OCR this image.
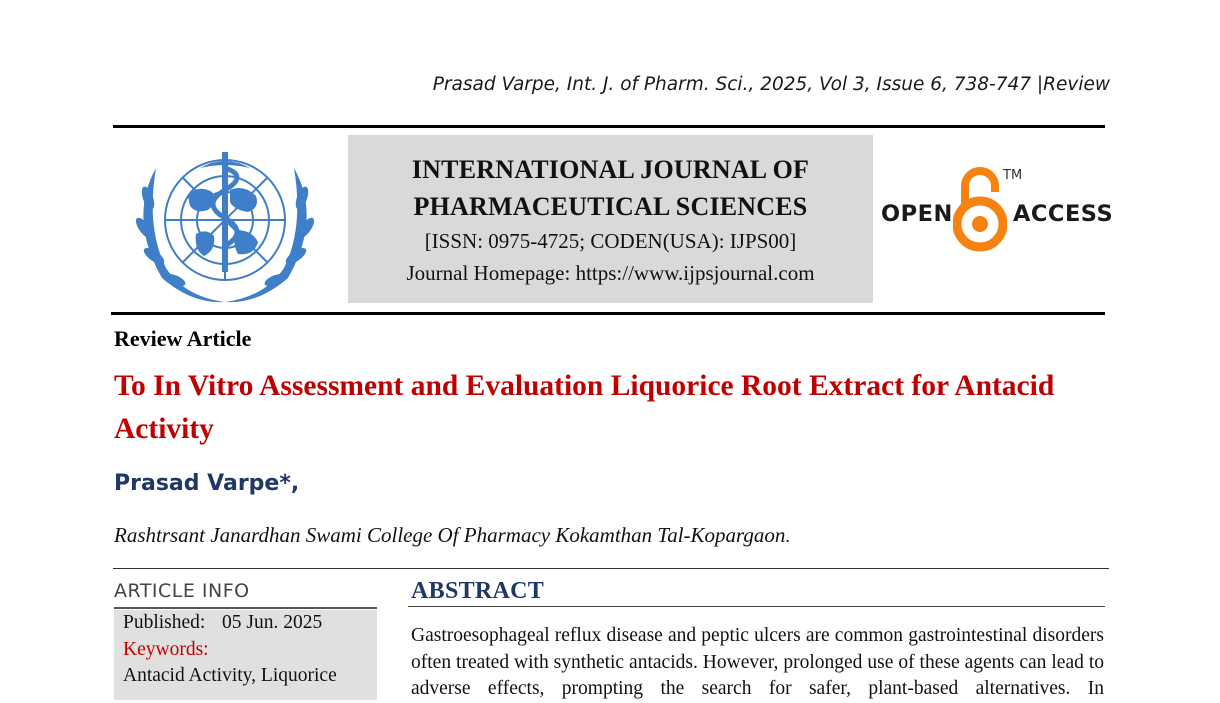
Prasad Varpe, Int. J. of Pharm. Sci., 2025, Vol 3, Issue 6, 738-747 |Review
INTERNATIONAL JOURNAL OF
PHARMACEUTICAL SCIENCES
[ISSN: 0975-4725; CODEN(USA): IJPS00]
Journal Homepage: https://www.ijpsjournal.com
OPEN
TM
ACCESS
Review Article
To In Vitro Assessment and Evaluation Liquorice Root Extract for Antacid Activity
Prasad Varpe*,
Rashtrsant Janardhan Swami College Of Pharmacy Kokamthan Tal-Kopargaon.
ARTICLE INFO
Published: 05 Jun. 2025
Keywords:
Antacid Activity, Liquorice
ABSTRACT
Gastroesophageal reflux disease and peptic ulcers are common gastrointestinal disorders often treated with synthetic antacids. However, prolonged use of these agents can lead to adverse effects, prompting the search for safer, plant-based alternatives. In
